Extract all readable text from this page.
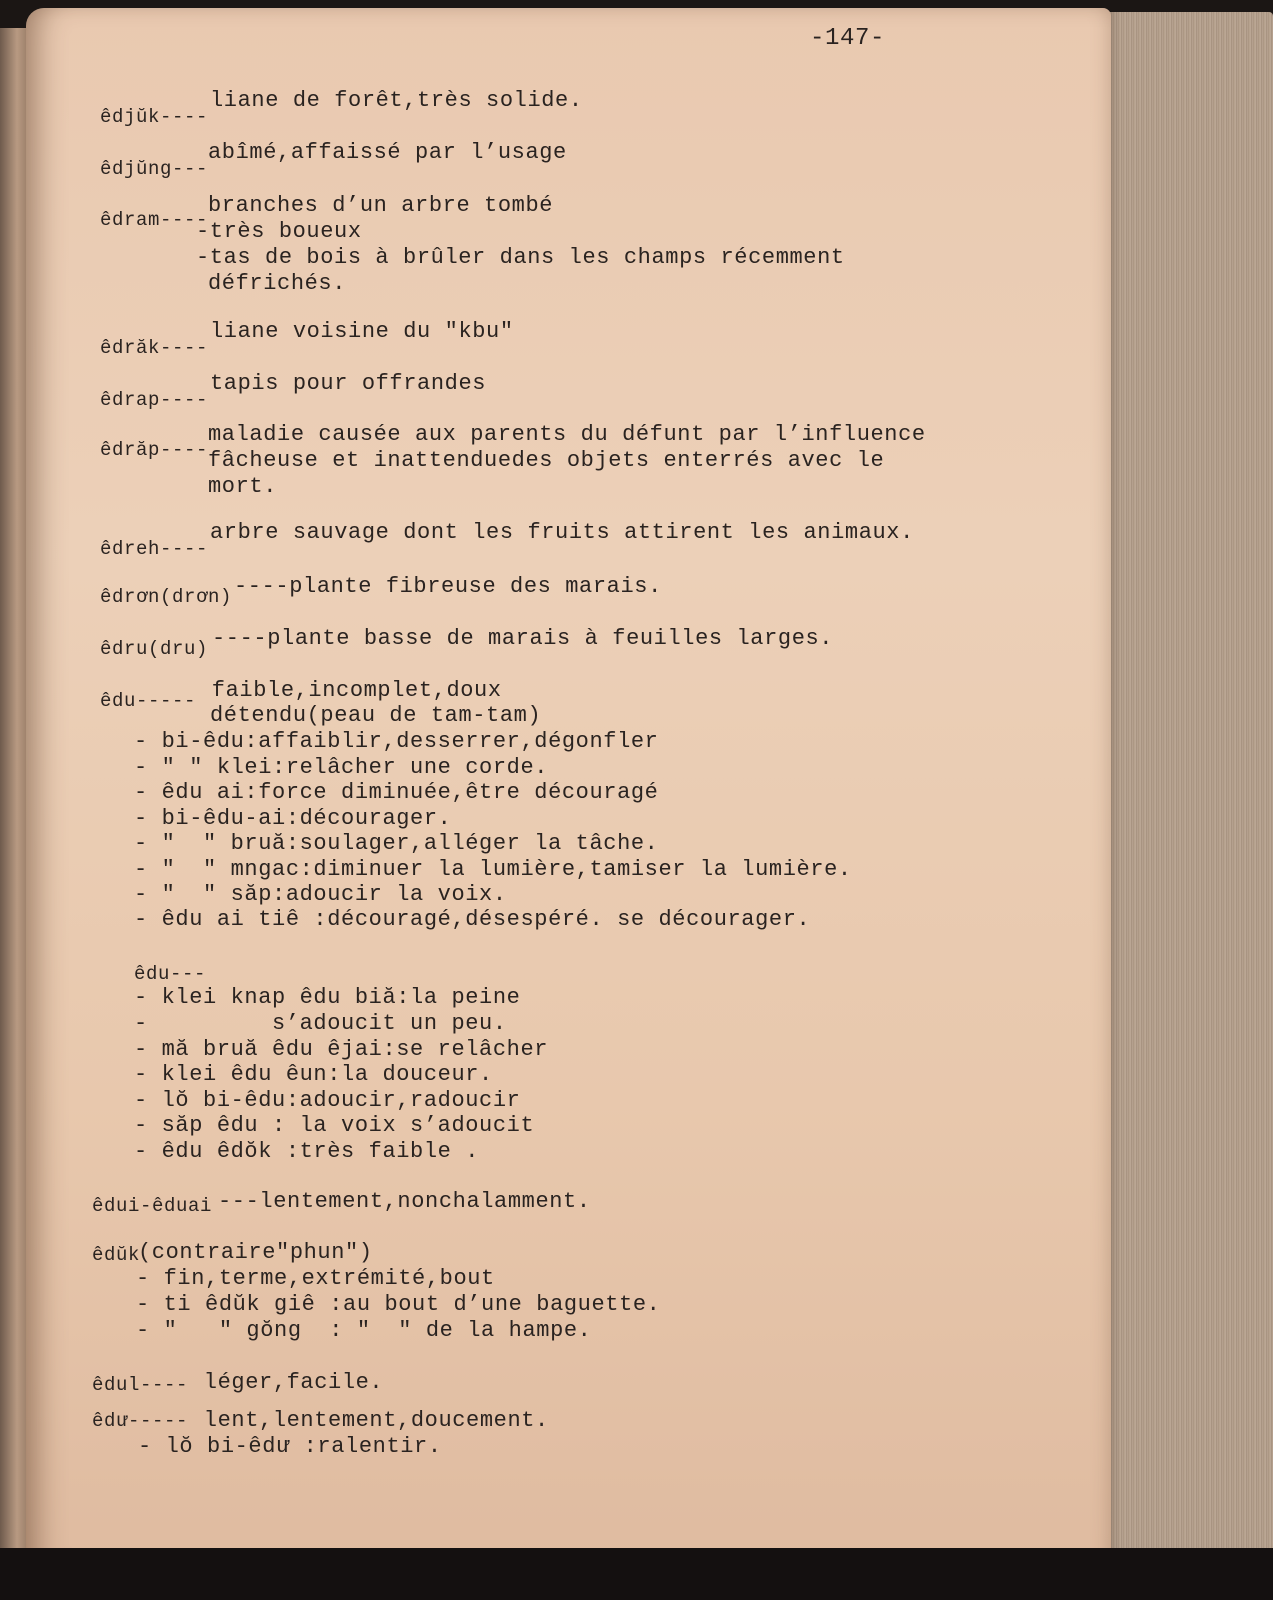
-147-
êdjŭk----
liane de forêt,très solide.
êdjŭng---
abîmé,affaissé par l’usage
êdram----
branches d’un arbre tombé
-très boueux
-tas de bois à brûler dans les champs récemment
défrichés.
êdrăk----
liane voisine du "kbu"
êdrap----
tapis pour offrandes
êdrăp----
maladie causée aux parents du défunt par l’influence
fâcheuse et inattenduedes objets enterrés avec le
mort.
êdreh----
arbre sauvage dont les fruits attirent les animaux.
êdrơn(drơn) ----plante fibreuse des marais.
êdru(dru) ----plante basse de marais à feuilles larges.
êdu----- faible,incomplet,doux
détendu(peau de tam-tam)
- bi-êdu:affaiblir,desserrer,dégonfler
- " " klei:relâcher une corde.
- êdu ai:force diminuée,être découragé
- bi-êdu-ai:décourager.
- "  " bruă:soulager,alléger la tâche.
- "  " mngac:diminuer la lumière,tamiser la lumière.
- "  " săp:adoucir la voix.
- êdu ai tiê :découragé,désespéré. se décourager.
êdu---
- klei knap êdu biă:la peine
-         s’adoucit un peu.
- mă bruă êdu êjai:se relâcher
- klei êdu êun:la douceur.
- lŏ bi-êdu:adoucir,radoucir
- săp êdu : la voix s’adoucit
- êdu êdŏk :très faible .
êdui-êduai ---lentement,nonchalamment.
êdŭk
(contraire"phun")
- fin,terme,extrémité,bout
- ti êdŭk giê :au bout d’une baguette.
- "   " gŏng  : "  " de la hampe.
êdul---- léger,facile.
êdư----- lent,lentement,doucement.
- lŏ bi-êdư :ralentir.
